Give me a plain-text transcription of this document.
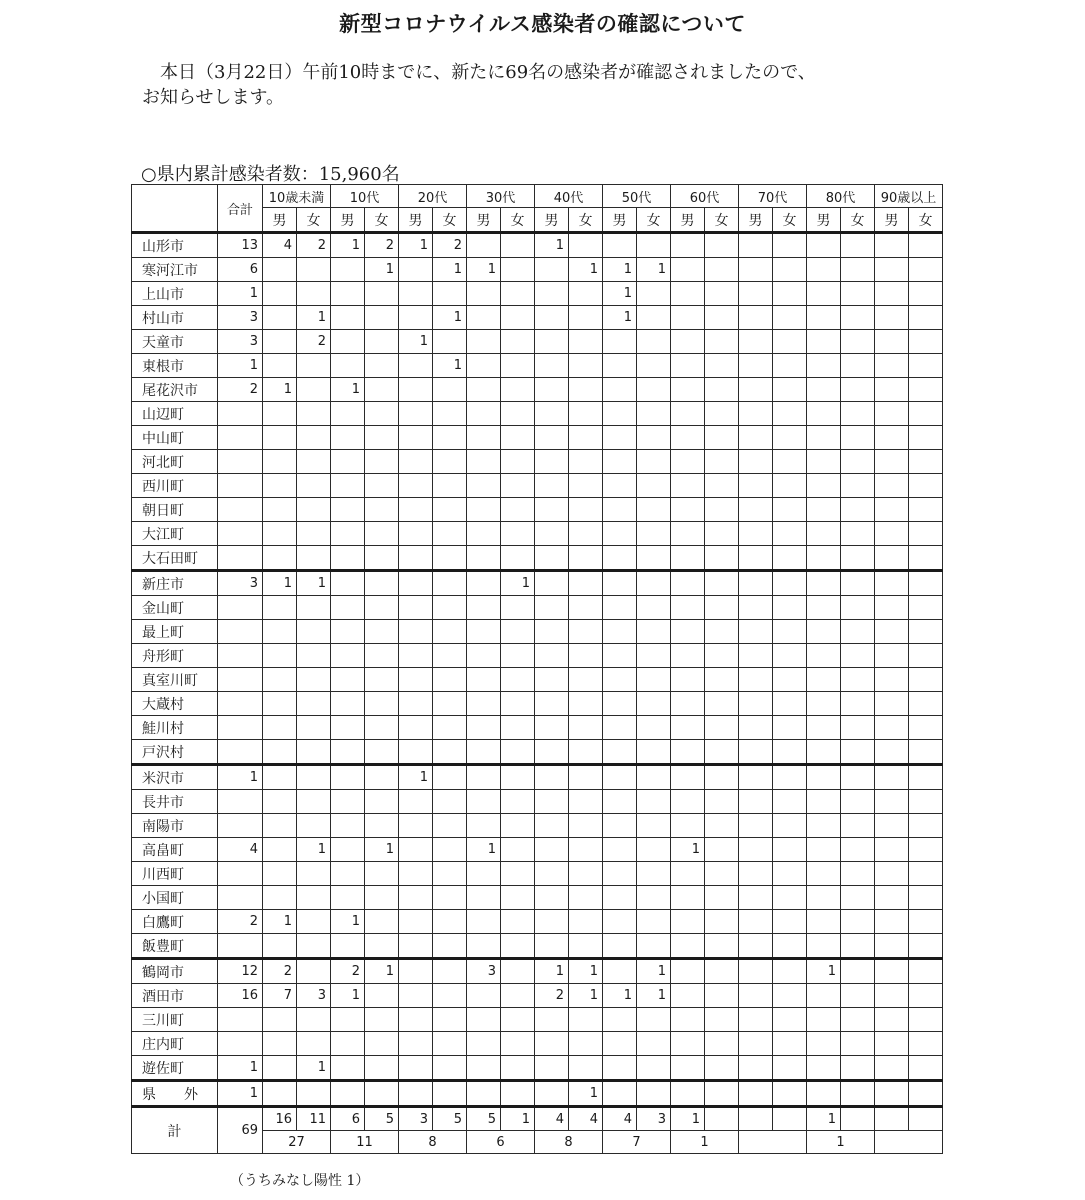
新型コロナウイルス感染者の確認について
本日（3月22日）午前10時までに、新たに69名の感染者が確認されましたので、
お知らせします。
○県内累計感染者数：15,960名
	合計	10歳未満		10代		20代		30代		40代		50代		60代		70代		80代		90歳以上	
		男	女	男	女	男	女	男	女	男	女	男	女	男	女	男	女	男	女	男	女
山形市	13	4	2	1	2	1	2			1											
寒河江市	6				1		1	1			1	1	1								
上山市	1											1									
村山市	3		1				1					1									
天童市	3		2			1															
東根市	1						1														
尾花沢市	2	1		1																	
山辺町																					
中山町																					
河北町																					
西川町																					
朝日町																					
大江町																					
大石田町																					
新庄市	3	1	1						1												
金山町																					
最上町																					
舟形町																					
真室川町																					
大蔵村																					
鮭川村																					
戸沢村																					
米沢市	1					1															
長井市																					
南陽市																					
高畠町	4		1		1			1						1							
川西町																					
小国町																					
白鷹町	2	1		1																	
飯豊町																					
鶴岡市	12	2		2	1			3		1	1		1					1			
酒田市	16	7	3	1						2	1	1	1								
三川町																					
庄内町																					
遊佐町	1		1																		
県　　外	1										1										
計	69	16	11	6	5	3	5	5	1	4	4	4	3	1				1			
		27		11		8		6		8		7		1				1			
（うちみなし陽性 1）
